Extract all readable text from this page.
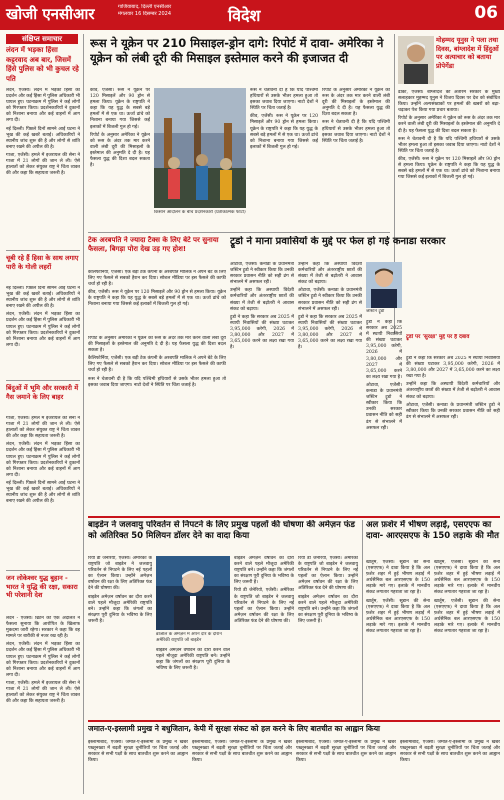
खोजी एनसीआर	गाजियाबाद, दिल्ली एनसीआर
मंगलवार 16 दिसम्बर 2024	विदेश	06
संक्षिप्त समाचार
लंदन में भड़का हिंसा कट्टरवाद अब बार, जिसमें हिंसे पुलिस को भी कुचल रहे पति

लंदन, एजेंसी। लंदन में भड़का हिंसा का प्रदर्शन और कई हिंसा में पुलिस अधिकारी भी घायल हुए। घटनाक्रम में पुलिस ने कई लोगों को गिरफ्तार किया। प्रदर्शनकारियों ने दुकानों को निशाना बनाया और कई वाहनों में आग लगा दी।

नई दिल्ली। पिछले दिनों सामने आई घटना ने भूख की कई खबरें बताई। अधिकारियों ने स्थानीय जांच शुरू की है और लोगों से शांति बनाए रखने की अपील की है।

गाजा, एजेंसी। हमले में इजरायल की सेना ने गाजा में 21 लोगों की जान ले ली। ऐसे हालातों को लेकर संयुक्त राष्ट्र ने चिंता व्यक्त की और कहा कि सहायता जरूरी है।

चूबी रहे हैं हिसा के साथ लगाए पारी के गोली लहरों

नई दिल्ली। पिछले दिनों सामने आई घटना ने भूख की कई खबरें बताई। अधिकारियों ने स्थानीय जांच शुरू की है और लोगों से शांति बनाए रखने की अपील की है।

लंदन, एजेंसी। लंदन में भड़का हिंसा का प्रदर्शन और कई हिंसा में पुलिस अधिकारी भी घायल हुए। घटनाक्रम में पुलिस ने कई लोगों को गिरफ्तार किया। प्रदर्शनकारियों ने दुकानों को निशाना बनाया और कई वाहनों में आग लगा दी।

बिंदुओं में भूमि और सरकारी में गैस जमाने के लिए बाहर

गाजा, एजेंसी। हमले में इजरायल की सेना ने गाजा में 21 लोगों की जान ले ली। ऐसे हालातों को लेकर संयुक्त राष्ट्र ने चिंता व्यक्त की और कहा कि सहायता जरूरी है।

लंदन, एजेंसी। लंदन में भड़का हिंसा का प्रदर्शन और कई हिंसा में पुलिस अधिकारी भी घायल हुए। घटनाक्रम में पुलिस ने कई लोगों को गिरफ्तार किया। प्रदर्शनकारियों ने दुकानों को निशाना बनाया और कई वाहनों में आग लगा दी।

नई दिल्ली। पिछले दिनों सामने आई घटना ने भूख की कई खबरें बताई। अधिकारियों ने स्थानीय जांच शुरू की है और लोगों से शांति बनाए रखने की अपील की है।

जन लोकेश्वर युद्ध बुहान - भारत ने युद्धि की रक्षा, सकारा भी परेशानी देश

लंदन - एजेंसी। ब्रिटेन की एक अदालत ने फैसला सुनाया कि आरोपित के खिलाफ मुकदमा जारी रहेगा। सरकार ने कहा कि वह मामले पर बारीकी से नजर रख रही है।

लंदन, एजेंसी। लंदन में भड़का हिंसा का प्रदर्शन और कई हिंसा में पुलिस अधिकारी भी घायल हुए। घटनाक्रम में पुलिस ने कई लोगों को गिरफ्तार किया। प्रदर्शनकारियों ने दुकानों को निशाना बनाया और कई वाहनों में आग लगा दी।

गाजा, एजेंसी। हमले में इजरायल की सेना ने गाजा में 21 लोगों की जान ले ली। ऐसे हालातों को लेकर संयुक्त राष्ट्र ने चिंता व्यक्त की और कहा कि सहायता जरूरी है।

रूस ने यूक्रेन पर 210 मिसाइल-ड्रोन दागे: रिपोर्ट में दावा- अमेरिका ने यूक्रेन को लंबी दूरी की मिसाइल इस्तेमाल करने की इजाजत दी

कीव, एजेंसी। रूस ने यूक्रेन पर 120 मिसाइलें और 90 ड्रोन से हमला किया। यूक्रेन के राष्ट्रपति ने कहा कि यह युद्ध के सबसे बड़े हमलों में से एक था। ऊर्जा ढांचे को निशाना बनाया गया जिससे कई इलाकों में बिजली गुल हो गई।

रिपोर्ट के अनुसार अमेरिका ने यूक्रेन को रूस के अंदर तक मार करने वाली लंबी दूरी की मिसाइलों के इस्तेमाल की अनुमति दे दी है। यह फैसला युद्ध की दिशा बदल सकता है।

किसान आंदोलन के बीच प्रदर्शनकारी (प्रतीकात्मक फोटो)

रूस ने चेतावनी दी है कि यदि पश्चिमी हथियारों से उसके भीतर हमला हुआ तो इसका जवाब दिया जाएगा। नाटो देशों ने स्थिति पर चिंता जताई है।

कीव, एजेंसी। रूस ने यूक्रेन पर 120 मिसाइलें और 90 ड्रोन से हमला किया। यूक्रेन के राष्ट्रपति ने कहा कि यह युद्ध के सबसे बड़े हमलों में से एक था। ऊर्जा ढांचे को निशाना बनाया गया जिससे कई इलाकों में बिजली गुल हो गई।

रिपोर्ट के अनुसार अमेरिका ने यूक्रेन को रूस के अंदर तक मार करने वाली लंबी दूरी की मिसाइलों के इस्तेमाल की अनुमति दे दी है। यह फैसला युद्ध की दिशा बदल सकता है।

रूस ने चेतावनी दी है कि यदि पश्चिमी हथियारों से उसके भीतर हमला हुआ तो इसका जवाब दिया जाएगा। नाटो देशों ने स्थिति पर चिंता जताई है।

मोहम्मद यूनुस ने पला तथा दिवस, बांग्लादेश में हिंदुओं पर अत्याचार को बताया प्रोपेगेंडा

ढाका, एजेंसी। बांग्लादेश की अंतरिम सरकार के मुख्य सलाहकार मुहम्मद यूनुस ने विजय दिवस पर देश को संबोधित किया। उन्होंने अल्पसंख्यकों पर हमलों की खबरों को बढ़ा-चढ़ाकर पेश किया गया प्रचार बताया।

रिपोर्ट के अनुसार अमेरिका ने यूक्रेन को रूस के अंदर तक मार करने वाली लंबी दूरी की मिसाइलों के इस्तेमाल की अनुमति दे दी है। यह फैसला युद्ध की दिशा बदल सकता है।

रूस ने चेतावनी दी है कि यदि पश्चिमी हथियारों से उसके भीतर हमला हुआ तो इसका जवाब दिया जाएगा। नाटो देशों ने स्थिति पर चिंता जताई है।

कीव, एजेंसी। रूस ने यूक्रेन पर 120 मिसाइलें और 90 ड्रोन से हमला किया। यूक्रेन के राष्ट्रपति ने कहा कि यह युद्ध के सबसे बड़े हमलों में से एक था। ऊर्जा ढांचे को निशाना बनाया गया जिससे कई इलाकों में बिजली गुल हो गई।

टेक अरबपति ने ज्यादा टैक्स के लिए बेटे पर सुनाया फैसला, बिगड़ा पोरा देख उड़ गए होश!

कैलिफोर्निया, एजेंसी। एक बड़ी टेक कंपनी के अरबपति मालिक ने अपने बेटे के लिए लिए गए फैसले से सबको हैरान कर दिया। सोशल मीडिया पर इस फैसले की काफी चर्चा हो रही है।

कीव, एजेंसी। रूस ने यूक्रेन पर 120 मिसाइलें और 90 ड्रोन से हमला किया। यूक्रेन के राष्ट्रपति ने कहा कि यह युद्ध के सबसे बड़े हमलों में से एक था। ऊर्जा ढांचे को निशाना बनाया गया जिससे कई इलाकों में बिजली गुल हो गई।

ट्रूडो ने माना प्रवासियों के मुद्दे पर फेल हो गई कनाडा सरकार

ओटावा, एजेंसी। कनाडा के प्रधानमंत्री जस्टिन ट्रूडो ने स्वीकार किया कि उनकी सरकार प्रवासन नीति को सही ढंग से संभालने में असफल रही।

उन्होंने कहा कि अस्थायी विदेशी कर्मचारियों और अंतरराष्ट्रीय छात्रों की संख्या में तेजी से बढ़ोतरी ने आवास संकट को बढ़ाया।

ट्रूडो ने कहा कि सरकार अब 2025 में स्थायी निवासियों की संख्या घटाकर 3,95,000 करेगी, 2026 में 3,80,000 और 2027 में 3,65,000 करने का लक्ष्य रखा गया है।

उन्होंने कहा कि अस्थायी विदेशी कर्मचारियों और अंतरराष्ट्रीय छात्रों की संख्या में तेजी से बढ़ोतरी ने आवास संकट को बढ़ाया।

ओटावा, एजेंसी। कनाडा के प्रधानमंत्री जस्टिन ट्रूडो ने स्वीकार किया कि उनकी सरकार प्रवासन नीति को सही ढंग से संभालने में असफल रही।

ट्रूडो ने कहा कि सरकार अब 2025 में स्थायी निवासियों की संख्या घटाकर 3,95,000 करेगी, 2026 में 3,80,000 और 2027 में 3,65,000 करने का लक्ष्य रखा गया है।

जस्टिन ट्रूडो
ट्रूडो पर 'सुरक्षा' मुद्दे पर है दबाव

ट्रूडो ने कहा कि सरकार अब 2025 में स्थायी निवासियों की संख्या घटाकर 3,95,000 करेगी, 2026 में 3,80,000 और 2027 में 3,65,000 करने का लक्ष्य रखा गया है।

ओटावा, एजेंसी। कनाडा के प्रधानमंत्री जस्टिन ट्रूडो ने स्वीकार किया कि उनकी सरकार प्रवासन नीति को सही ढंग से संभालने में असफल रही।

ट्रूडो ने कहा कि सरकार अब 2025 में स्थायी निवासियों की संख्या घटाकर 3,95,000 करेगी, 2026 में 3,80,000 और 2027 में 3,65,000 करने का लक्ष्य रखा गया है।

उन्होंने कहा कि अस्थायी विदेशी कर्मचारियों और अंतरराष्ट्रीय छात्रों की संख्या में तेजी से बढ़ोतरी ने आवास संकट को बढ़ाया।

ओटावा, एजेंसी। कनाडा के प्रधानमंत्री जस्टिन ट्रूडो ने स्वीकार किया कि उनकी सरकार प्रवासन नीति को सही ढंग से संभालने में असफल रही।

रिपोर्ट के अनुसार अमेरिका ने यूक्रेन को रूस के अंदर तक मार करने वाली लंबी दूरी की मिसाइलों के इस्तेमाल की अनुमति दे दी है। यह फैसला युद्ध की दिशा बदल सकता है।

कैलिफोर्निया, एजेंसी। एक बड़ी टेक कंपनी के अरबपति मालिक ने अपने बेटे के लिए लिए गए फैसले से सबको हैरान कर दिया। सोशल मीडिया पर इस फैसले की काफी चर्चा हो रही है।

रूस ने चेतावनी दी है कि यदि पश्चिमी हथियारों से उसके भीतर हमला हुआ तो इसका जवाब दिया जाएगा। नाटो देशों ने स्थिति पर चिंता जताई है।

बाइडेन ने जलवायु परिवर्तन से निपटने के लिए प्रमुख पहलों की घोषणा की अमेज़न फंड को अतिरिक्त 50 मिलियन डॉलर देने का वादा किया

रियो डी जेनेरियो, एजेंसी। अमेरिका के राष्ट्रपति जो बाइडेन ने जलवायु परिवर्तन से निपटने के लिए नई पहलों का ऐलान किया। उन्होंने अमेज़न वर्षावन की रक्षा के लिए अतिरिक्त फंड देने की घोषणा की।

बाइडेन अमेज़न वर्षावन का दौरा करने वाले पहले मौजूदा अमेरिकी राष्ट्रपति बने। उन्होंने कहा कि जंगलों का संरक्षण पूरी दुनिया के भविष्य के लिए जरूरी है।

ब्राजील के अमेज़न में अपने दौरे के दौरान अमेरिकी राष्ट्रपति जो बाइडेन

बाइडेन अमेज़न वर्षावन का दौरा करने वाले पहले मौजूदा अमेरिकी राष्ट्रपति बने। उन्होंने कहा कि जंगलों का संरक्षण पूरी दुनिया के भविष्य के लिए जरूरी है।

रियो डी जेनेरियो, एजेंसी। अमेरिका के राष्ट्रपति जो बाइडेन ने जलवायु परिवर्तन से निपटने के लिए नई पहलों का ऐलान किया। उन्होंने अमेज़न वर्षावन की रक्षा के लिए अतिरिक्त फंड देने की घोषणा की।

रियो डी जेनेरियो, एजेंसी। अमेरिका के राष्ट्रपति जो बाइडेन ने जलवायु परिवर्तन से निपटने के लिए नई पहलों का ऐलान किया। उन्होंने अमेज़न वर्षावन की रक्षा के लिए अतिरिक्त फंड देने की घोषणा की।

बाइडेन अमेज़न वर्षावन का दौरा करने वाले पहले मौजूदा अमेरिकी राष्ट्रपति बने। उन्होंने कहा कि जंगलों का संरक्षण पूरी दुनिया के भविष्य के लिए जरूरी है।

बाइडेन अमेज़न वर्षावन का दौरा करने वाले पहले मौजूदा अमेरिकी राष्ट्रपति बने। उन्होंने कहा कि जंगलों का संरक्षण पूरी दुनिया के भविष्य के लिए जरूरी है।

अल फ़शेर में भीषण लड़ाई, एसएएफ का दावा- आरएसएफ के 150 लड़ाके की मौत

खार्तूम, एजेंसी। सूडान की सेना (एसएएफ) ने दावा किया है कि अल फ़शेर शहर में हुई भीषण लड़ाई में अर्धसैनिक बल आरएसएफ के 150 लड़ाके मारे गए। इलाके में मानवीय संकट लगातार गहराता जा रहा है।

खार्तूम, एजेंसी। सूडान की सेना (एसएएफ) ने दावा किया है कि अल फ़शेर शहर में हुई भीषण लड़ाई में अर्धसैनिक बल आरएसएफ के 150 लड़ाके मारे गए। इलाके में मानवीय संकट लगातार गहराता जा रहा है।

खार्तूम, एजेंसी। सूडान की सेना (एसएएफ) ने दावा किया है कि अल फ़शेर शहर में हुई भीषण लड़ाई में अर्धसैनिक बल आरएसएफ के 150 लड़ाके मारे गए। इलाके में मानवीय संकट लगातार गहराता जा रहा है।

खार्तूम, एजेंसी। सूडान की सेना (एसएएफ) ने दावा किया है कि अल फ़शेर शहर में हुई भीषण लड़ाई में अर्धसैनिक बल आरएसएफ के 150 लड़ाके मारे गए। इलाके में मानवीय संकट लगातार गहराता जा रहा है।

जमात-ए-इस्लामी प्रमुख ने बधुजितान, केपी में सुरक्षा संकट को हल करने के लिए बातचीत का आह्वान किया

इस्लामाबाद, एजेंसी। जमात-ए-इस्लामी के प्रमुख ने खैबर पख्तूनख्वा में बढ़ती सुरक्षा चुनौतियों पर चिंता जताई और सरकार से सभी पक्षों के साथ बातचीत शुरू करने का आह्वान किया।

इस्लामाबाद, एजेंसी। जमात-ए-इस्लामी के प्रमुख ने खैबर पख्तूनख्वा में बढ़ती सुरक्षा चुनौतियों पर चिंता जताई और सरकार से सभी पक्षों के साथ बातचीत शुरू करने का आह्वान किया।

इस्लामाबाद, एजेंसी। जमात-ए-इस्लामी के प्रमुख ने खैबर पख्तूनख्वा में बढ़ती सुरक्षा चुनौतियों पर चिंता जताई और सरकार से सभी पक्षों के साथ बातचीत शुरू करने का आह्वान किया।

इस्लामाबाद, एजेंसी। जमात-ए-इस्लामी के प्रमुख ने खैबर पख्तूनख्वा में बढ़ती सुरक्षा चुनौतियों पर चिंता जताई और सरकार से सभी पक्षों के साथ बातचीत शुरू करने का आह्वान किया।
